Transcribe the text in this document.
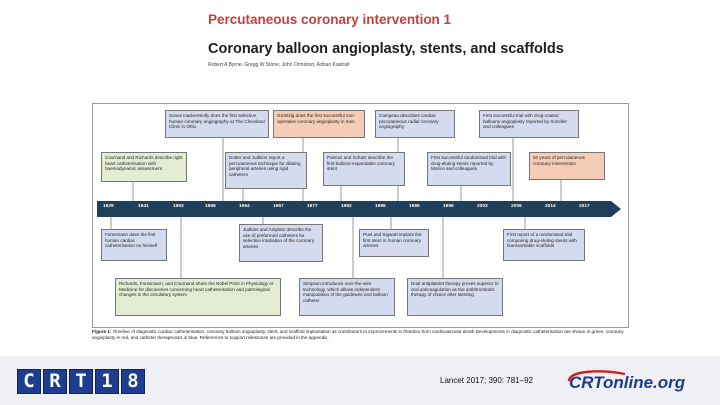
Percutaneous coronary intervention 1
Coronary balloon angioplasty, stents, and scaffolds
Robert A Byrne, Gregg W Stone, John Ormiston, Adnan Kastrati
1929	1941	1953	1958	1964	1967	1977	1982	1986	1989	1996	2003	2006	2014	2017
Sones inadvertently does the first selective human coronary angiography at The Cleveland Clinic in Ohio
Grüntzig does the first successful non-operative coronary angioplasty in man
Campeau describes cardiac percutaneous radial coronary angiography
First successful trial with drug-coated balloons angioplasty reported by Scheller and colleagues
Cournand and Richards describe right heart catheterisation with haemodynamic assessment
Dotter and Judkins report a percutaneous technique for dilating peripheral arteries using rigid catheters
Palmaz and Schatz describe the first balloon-expandable coronary stent
First successful randomised trial with drug-eluting stents reported by Morice and colleagues
40 years of percutaneous coronary intervention
Forssmann does the first human cardiac catheterisation on himself
Judkins and Amplatz describe the use of preformed catheters for selective intubation of the coronary arteries
Puel and Sigwart implant the first stent in human coronary arteries
First report of a randomised trial comparing drug-eluting stents with bioresorbable scaffolds
Richards, Forssmann, and Cournand share the Nobel Prize in Physiology or Medicine for discoveries concerning heart catheterisation and pathological changes in the circulatory system
Simpson introduces over-the-wire technology, which allows independent manipulation of the guidewire and balloon catheter
Dual antiplatelet therapy proves superior to oral anticoagulation as the antithrombotic therapy of choice after stenting
Figure 1: Timeline of diagnostic cardiac catheterisation, coronary balloon angioplasty, stent, and scaffold implantation as contributors to improvements in freedom from cardiovascular death Developments in diagnostic catheterisation are shown in green, coronary angioplasty in red, and catheter therapeutics in blue. References to support milestones are provided in the appendix.
C R T 1 8	Lancet 2017; 390: 781–92 CRTonline.org
